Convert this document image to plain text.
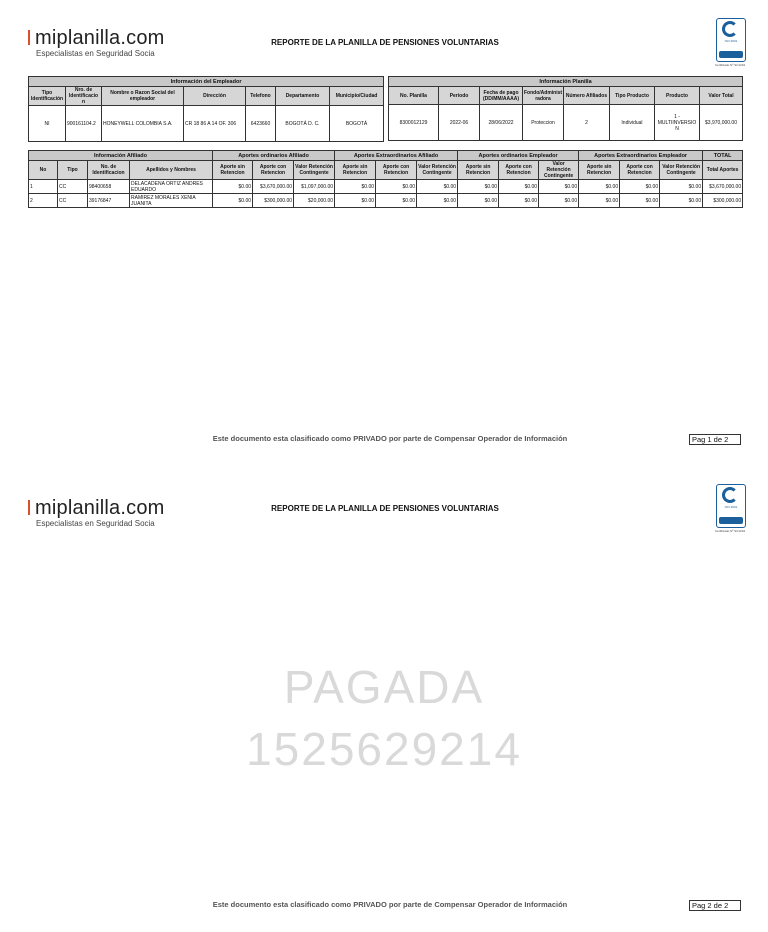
miplanilla.com
Especialistas en Seguridad Socia
REPORTE DE LA PLANILLA DE PENSIONES VOLUNTARIAS	ISO 9001
Certificado Nº SC1234
Información del Empleador						
Tipo Identificación	Nro. de Identificacio n	Nombre o Razon Social del empleador	Dirección	Telefono	Departamento	Municipio/Ciudad
NI	900161104.2	HONEYWELL COLOMBIA S.A.	CR 18 86 A 14 OF. 306	6423660	BOGOTÁ D. C.	BOGOTÁ
Información Planilla							
No. Planilla	Periodo	Fecha de pago (DD/MM/AAAA)	Fondo/Administ radora	Número Afiliados	Tipo Producto	Producto	Valor Total
8300012129	2022-06	28/06/2022	Proteccion	2	Individual	1 - MULTIINVERSIO N	$3,970,000.00
Información Afiliado				Aportes ordinarios Afiliado			Aportes Extraordinarios Afiliado			Aportes ordinarios Empleador			Aportes Extraordinarios Empleador			TOTAL
No	Tipo	No. de Identificacion	Apellidos y Nombres	Aporte sin Retencion	Aporte con Retencion	Valor Retención Contingente	Aporte sin Retencion	Aporte con Retencion	Valor Retención Contingente	Aporte sin Retencion	Aporte con Retencion	Valor Retención Contingente	Aporte sin Retencion	Aporte con Retencion	Valor Retención Contingente	Total Aportes
1	CC	98400658	DELACADENA ORTIZ ANDRES EDUARDO	$0.00	$3,670,000.00	$1,097,000.00	$0.00	$0.00	$0.00	$0.00	$0.00	$0.00	$0.00	$0.00	$0.00	$3,670,000.00
2	CC	39176847	RAMIREZ MORALES XENIA JUANITA	$0.00	$300,000.00	$20,000.00	$0.00	$0.00	$0.00	$0.00	$0.00	$0.00	$0.00	$0.00	$0.00	$300,000.00
Este documento esta clasificado como PRIVADO por parte de Compensar Operador de Información	Pag 1 de 2
miplanilla.com
Especialistas en Seguridad Socia
REPORTE DE LA PLANILLA DE PENSIONES VOLUNTARIAS	ISO 9001
Certificado Nº SC1234
PAGADA
1525629214
Este documento esta clasificado como PRIVADO por parte de Compensar Operador de Información	Pag 2 de 2
